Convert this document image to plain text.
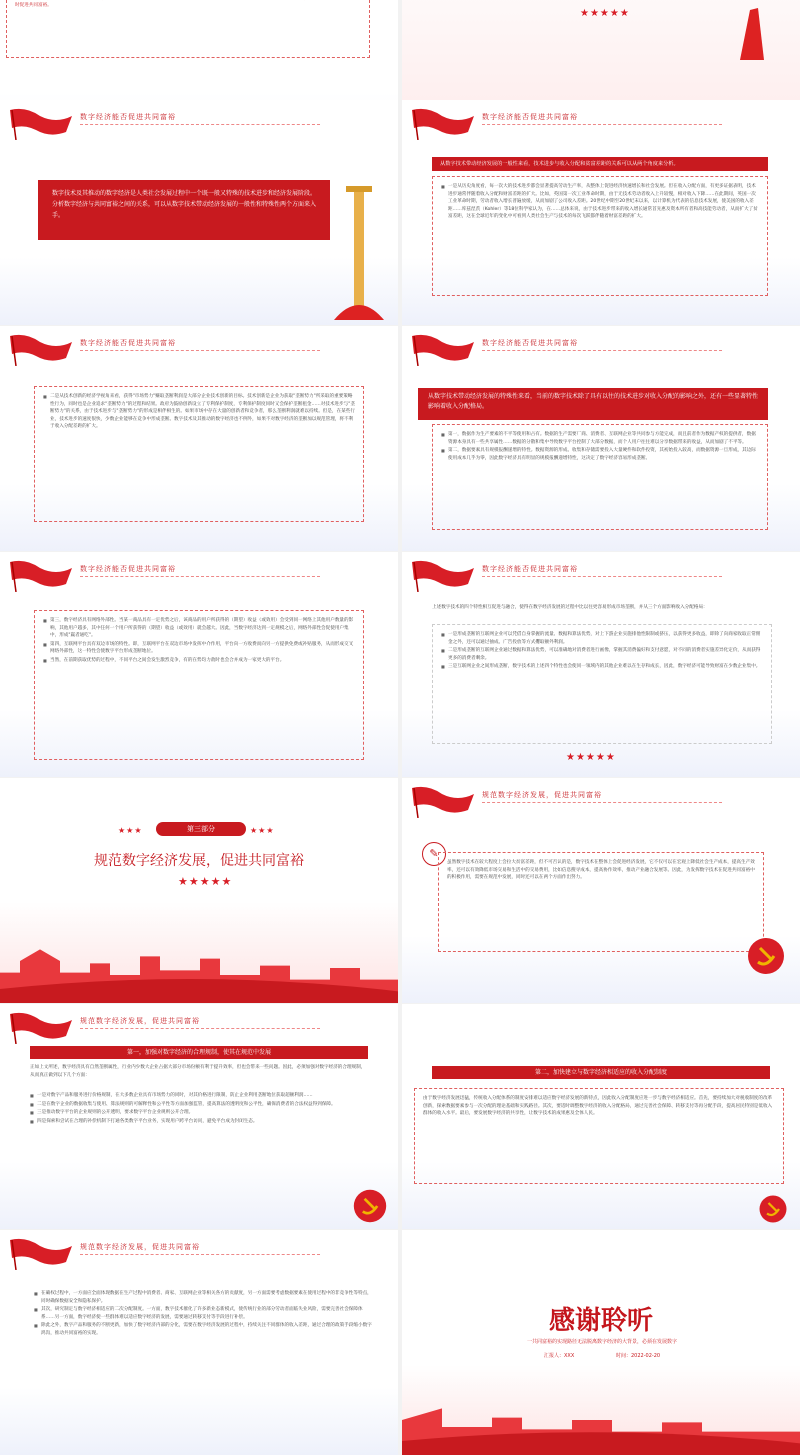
时促进共同富裕。
★★★★★
数字经济能否促进共同富裕
数字技术及其推动的数字经济是人类社会发展过程中一个既一般又特殊的技术进步和经济发展阶段。分析数字经济与共同富裕之间的关系，可以从数字技术带动经济发展的一般性和特殊性两个方面来入手。
数字经济能否促进共同富裕
从数字技术带动经济发展的一般性来看，技术进步与收入分配和贫富差距的关系可以从两个角度来分析。
■ 一是从历史角度看，每一次大的技术进步都会显著提高劳动生产率，从整体上促进经济快速增长和社会发展。但在收入分配方面，有更多证据表明，技术进步通常伴随着收入分配和财富差距的扩大。比如，英国第一次工业革命时期，由于无技术劳动者收入上升较慢，相对收入下降……在此期间，英国一次工业革命时期，劳动者收入增长普遍放缓，从而加剧了公司收入差距。20世纪中期至20世纪末以来，以计算机为代表的信息技术发展，使美国的收入差距……库兹涅茨（Kohler）等18位科学家认为，在……总体来说，由于技术进步带来的收入增长通常首先惠及资本所有者和高技能劳动者，从而扩大了贫富差距，这在全球近年的变化中可看到人类社会生产与技术的每次飞跃都伴随着财富差距的扩大。
数字经济能否促进共同富裕
■ 二是从技术创新的经济学视角来看，获得"市场势力"赚取垄断利润是大部分企业技术创新的目标。技术创新是企业为获取"垄断势力"所采取的重要策略性行为，同时也是企业追求"垄断势力"的过程和结果。政府为鼓励创新设立了专利保护制度，专利保护制度同时又会保护垄断租金……对技术进步与"垄断势力"的关系，由于技术进步与"垄断势力"的形成是相伴相生的。如果市场中存在大量的创新者和竞争者，那么垄断利润就难以持续。但是，在某些行业，技术进步的速度很快，少数企业能够在竞争中形成垄断。数字技术及其推动的数字经济也不例外，如果不对数字经济的垄断加以规范管理，将不利于收入分配差距的扩大。
数字经济能否促进共同富裕
从数字技术带动经济发展的特殊性来看，当前的数字技术除了具有以往的技术进步对收入分配的影响之外，还有一些显著特性影响着收入分配格局。
■ 第一，数据作为生产要素的不平等使用和占有。数据的生产需要厂商、消费者、互联网企业等共同参与方能完成，而且前者作为数据产权的提供者，数据资源本身具有一些共享属性……数据的分散和集中导致数字平台控制了大部分数据，而个人用户往往难以分享数据带来的收益，从而加剧了不平等。
■ 第二，数据要素具有规模报酬递增的特性。数据资源的形成、收集和存储需要投入大量硬件和软件投资，其初始投入较高，而数据资源一旦形成，其边际使用成本几乎为零，因此数字经济具有明显的规模报酬递增特性，这决定了数字经济容易形成垄断。
数字经济能否促进共同富裕
■ 第三，数字经济具有网络外部性。当某一商品具有一定优势之后，该商品的用户所获得的（期望）收益（或效用）会受到同一网络上其他用户数量的影响，其他用户越多，其中任何一个用户所获得的（期望）收益（或效用）就会越大。因此，当数字经济达到一定规模之后，网络外部性会促使用户集中，形成"赢者通吃"。
■ 第四，互联网平台具有双边市场的特性。即，互联网平台在双边市场中发挥中介作用，平台向一方收费而向另一方提供免费或补贴服务，从而形成交叉网络外部性，这一特性会使数字平台形成垄断地位。
■ 当然，在前期获取优势的过程中，不同平台之间会发生激烈竞争，有的在势均力敌时也会合并成为一家更大的平台。
数字经济能否促进共同富裕
上述数字技术的四个特性相互促进与融合，使得在数字经济发展的过程中比以往更容易形成市场垄断，并从三个方面影响收入分配格局：
■ 一是形成垄断的互联网企业可以凭借自身掌握的流量、数据和算法优势，对上下游企业实施排他性限制或挤压，以获得更多收益，即除了向商家收取正常佣金之外，还可以通过抽成、广告投放等方式攫取额外利润。
■ 二是形成垄断的互联网企业通过数据和算法优势，可以准确地对消费者进行画像，掌握其消费偏好和支付意愿，对不同的消费者实施差异化定价，从而获得更多的消费者剩余。
■ 三是互联网企业之间形成垄断，数字技术的上述四个特性也会使同一领域内的其他企业难以在生存和成长，因此，数字经济可能导致财富在少数企业集中。
★★★★★
★★★	第三部分	★★★
规范数字经济发展，促进共同富裕
★★★★★
规范数字经济发展，促进共同富裕
✎
虽然数字技术在较大程度上会拉大贫富差距，但不可否认的是，数字技术在整体上会促进经济发展，它不仅可以在宏观上降低社会生产成本，提高生产效率，还可以有效降低市场交易和生活中的交易费用，比如信息搜寻成本，提高协作效率，推动产业融合发展等。因此，为发挥数字技术在促进共同富裕中的积极作用，需要在规范中发展，同时还可以在两个方面作出努力。
规范数字经济发展，促进共同富裕
第一，加强对数字经济的合理规制，使其在规范中发展
正如上文所述，数字经济具有自然垄断属性，行业内少数大企业占据大部分市场份额有利于提升效率，但也会带来一些问题。因此，必须加强对数字经济的合理规制，从而真正做到以下几个方面：
■ 一是对数字产品和服务进行价格规制，在大多数企业具有市场势力的同时，对其价格进行限制，防止企业利用垄断地位获取超额利润……
■ 二是在数字企业的数据收集与使用、算法规则的可解释性和公平性等方面加强监管，提高算法的透明度和公平性，确保消费者的合法权益得到保障。
■ 三是推动数字平台的企业规则的公开透明，要求数字平台企业规则公开合理。
■ 四是探索和尝试在合理的补偿机制下打通各类数字平台业务，实现用户跨平台访问，避免平台成为封闭生态。
第二，加快建立与数字经济相适应的收入分配制度
由于数字经济发展迅猛，传统收入分配体系的制度安排难以适应数字经济发展的新特点，因此收入分配制度应进一步与数字经济相适应。首先，要持续加大对税收制度的改革创新，探索数据要素参与一次分配的理论基础和实践路径。其次，要适时调整数字经济的收入分配格局，通过完善社会保障、转移支付等再分配手段，提高居民特别是低收入群体的收入水平。最后，要发展数字经济的共享性，让数字技术的成果惠及全体人民。
规范数字经济发展，促进共同富裕
■ 在确权过程中，一方面应全面体现数据在生产过程中消费者、商家、互联网企业等相关各方的贡献度，另一方面需要考虑数据要素在使用过程中的非竞争性等特点，同时确保数据安全和隐私保护。
■ 其次，研究制定与数字经济相适应的二次分配制度。一方面，数字技术催化了许多新业态新模式，使传统行业的部分劳动者面临失业风险，需要完善社会保障体系……另一方面，数字经济使一些群体难以适应数字经济的发展，需要通过转移支付等手段进行补偿。
■ 除此之外，数字产品和服务的不断更新，加快了数字经济内部的分化，需要在数字经济发展的过程中，持续关注不同群体的收入差距，通过合理的政策手段缩小数字鸿沟，推动共同富裕的实现。	感谢聆听
一共同富裕的实现路径无法脱离数字经济的大背景，必须在发展数字
汇报人：XXX	时间：2022-02-20
